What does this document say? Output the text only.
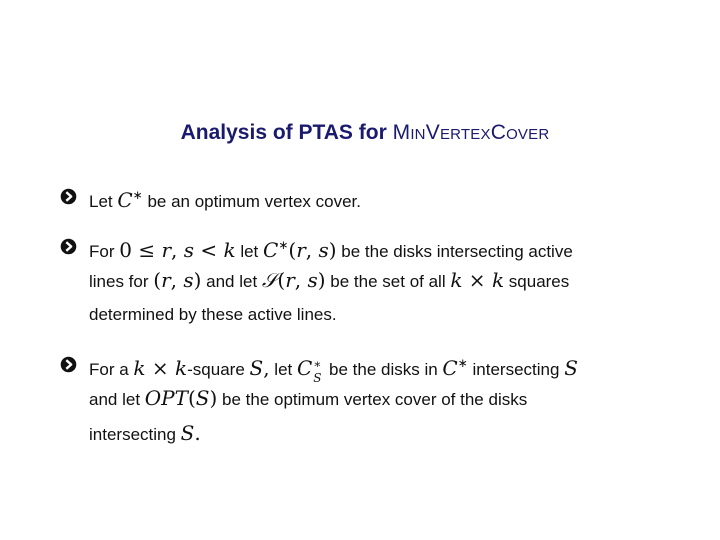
Analysis of PTAS for MINVERTEXCOVER
Let C∗ be an optimum vertex cover.
For 0 ≤ r, s < k let C∗(r, s) be the disks intersecting active
lines for (r, s) and let 𝒮(r, s) be the set of all k × k squares
determined by these active lines.
For a k × k-square S, let C ∗
S be the disks in C∗ intersecting S
and let OPT(S) be the optimum vertex cover of the disks
intersecting S.
